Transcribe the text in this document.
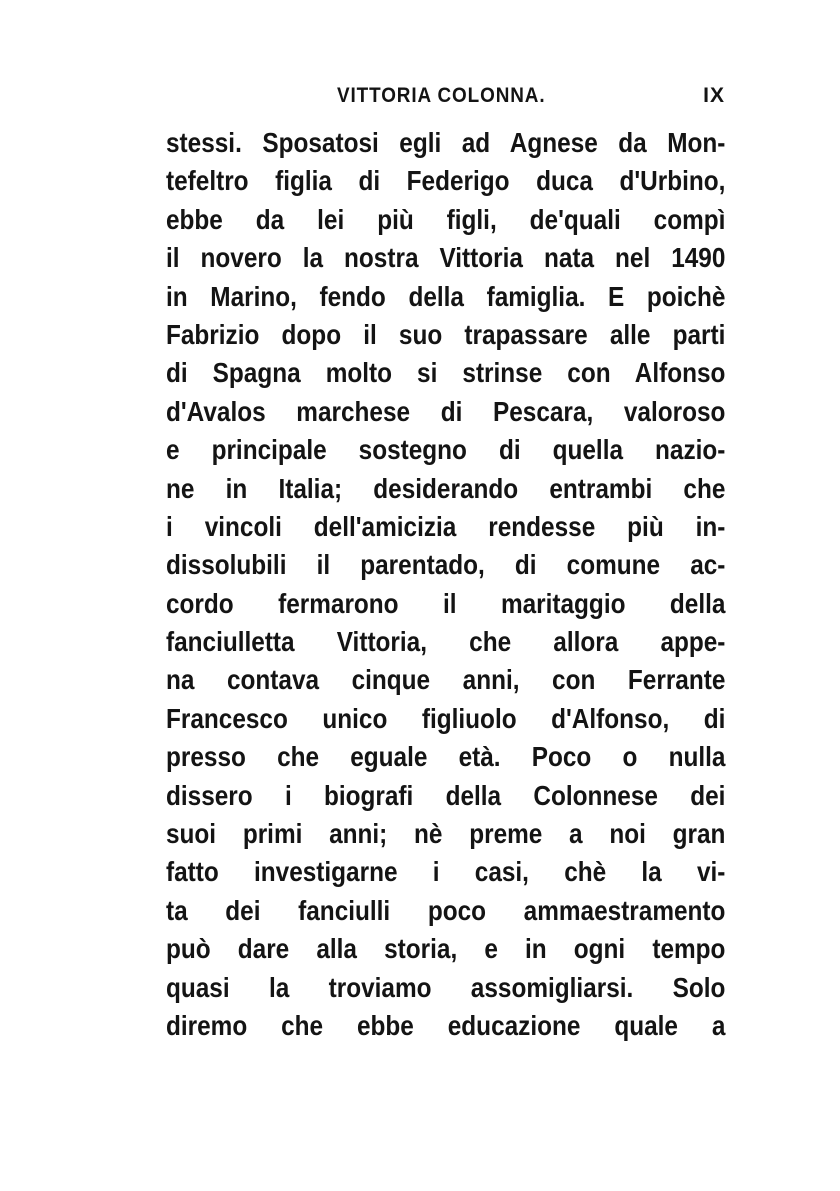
VITTORIA COLONNA.	IX
stessi. Sposatosi egli ad Agnese da Mon-
tefeltro figlia di Federigo duca d'Urbino,
ebbe da lei più figli, de'quali compì
il novero la nostra Vittoria nata nel 1490
in Marino, fendo della famiglia. E poichè
Fabrizio dopo il suo trapassare alle parti
di Spagna molto si strinse con Alfonso
d'Avalos marchese di Pescara, valoroso
e principale sostegno di quella nazio-
ne in Italia; desiderando entrambi che
i vincoli dell'amicizia rendesse più in-
dissolubili il parentado, di comune ac-
cordo fermarono il maritaggio della
fanciulletta Vittoria, che allora appe-
na contava cinque anni, con Ferrante
Francesco unico figliuolo d'Alfonso, di
presso che eguale età. Poco o nulla
dissero i biografi della Colonnese dei
suoi primi anni; nè preme a noi gran
fatto investigarne i casi, chè la vi-
ta dei fanciulli poco ammaestramento
può dare alla storia, e in ogni tempo
quasi la troviamo assomigliarsi. Solo
diremo che ebbe educazione quale a
